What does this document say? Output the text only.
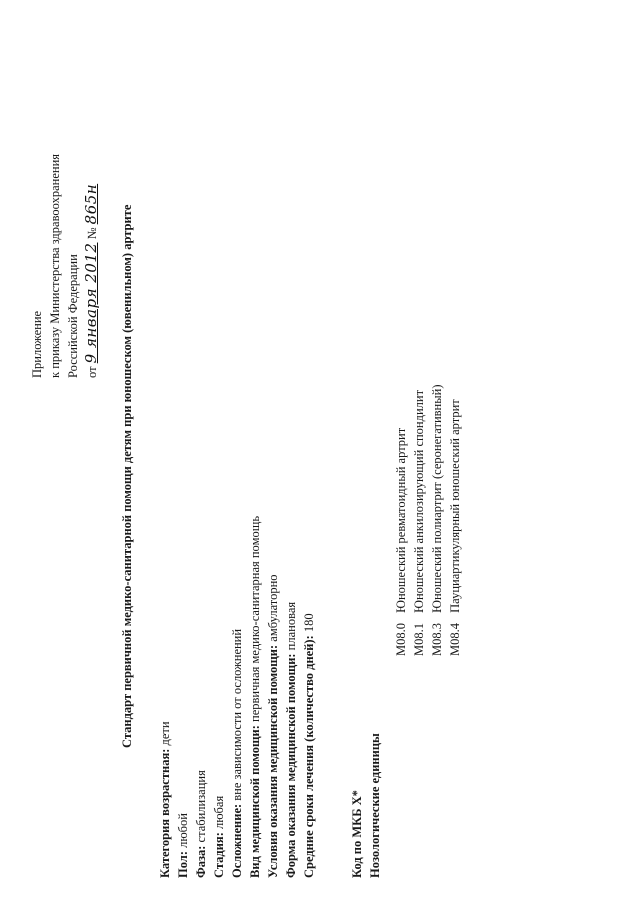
Приложение к приказу Министерства здравоохранения Российской Федерации от 9 января 2012 № 865н
Стандарт первичной медико-санитарной помощи детям при юношеском (ювенильном) артрите
Категория возрастная: дети
Пол: любой
Фаза: стабилизация
Стадия: любая Осложнение: вне зависимости от осложнений
Вид медицинской помощи: первичная медико-санитарная помощь
Условия оказания медицинской помощи: амбулаторно
Форма оказания медицинской помощи: плановая
Средние сроки лечения (количество дней): 180
Код по МКБ X* Нозологические единицы
M08.0 Юношеский ревматоидный артрит
M08.1 Юношеский анкилозирующий спондилит
M08.3 Юношеский полиартрит (серонегативный)
M08.4 Пауциартикулярный юношеский артрит
